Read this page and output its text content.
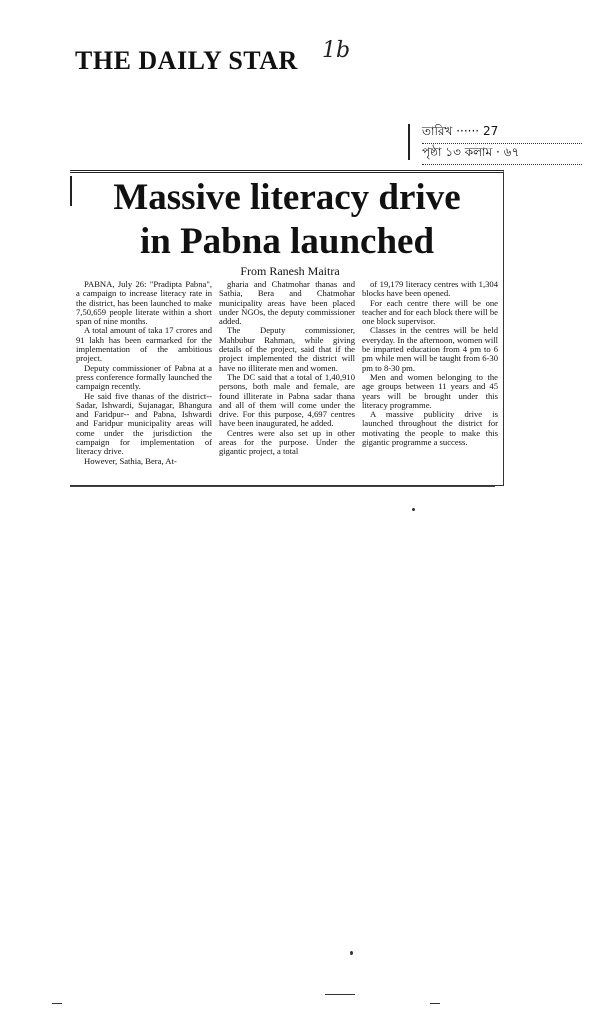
THE DAILY STAR 1b
তারিখ ······ 27
পৃষ্ঠা ১৩ কলাম · ৬৭
Massive literacy drive
in Pabna launched
From Ranesh Maitra

PABNA, July 26: "Pradipta Pabna", a campaign to increase literacy rate in the district, has been launched to make 7,50,659 people literate within a short span of nine months.

A total amount of taka 17 crores and 91 lakh has been earmarked for the implementation of the ambitious project.

Deputy commissioner of Pabna at a press conference formally launched the campaign recently.

He said five thanas of the district-- Sadar, Ishwardi, Sujanagar, Bhangura and Faridpur-- and Pabna, Ishwardi and Faridpur municipality areas will come under the jurisdiction the campaign for implementation of literacy drive.

However, Sathia, Bera, At-

gharia and Chatmohar thanas and Sathia, Bera and Chatmohar municipality areas have been placed under NGOs, the deputy commissioner added.

The Deputy commissioner, Mahbubur Rahman, while giving details of the project, said that if the project implemented the district will have no illiterate men and women.

The DC said that a total of 1,40,910 persons, both male and female, are found illiterate in Pabna sadar thana and all of them will come under the drive. For this purpose, 4,697 centres have been inaugurated, he added.

Centres were also set up in other areas for the purpose. Under the gigantic project, a total

of 19,179 literacy centres with 1,304 blocks have been opened.

For each centre there will be one teacher and for each block there will be one block supervisor.

Classes in the centres will be held everyday. In the afternoon, women will be imparted education from 4 pm to 6 pm while men will be taught from 6-30 pm to 8-30 pm.

Men and women belonging to the age groups between 11 years and 45 years will be brought under this literacy programme.

A massive publicity drive is launched throughout the district for motivating the people to make this gigantic programme a success.
